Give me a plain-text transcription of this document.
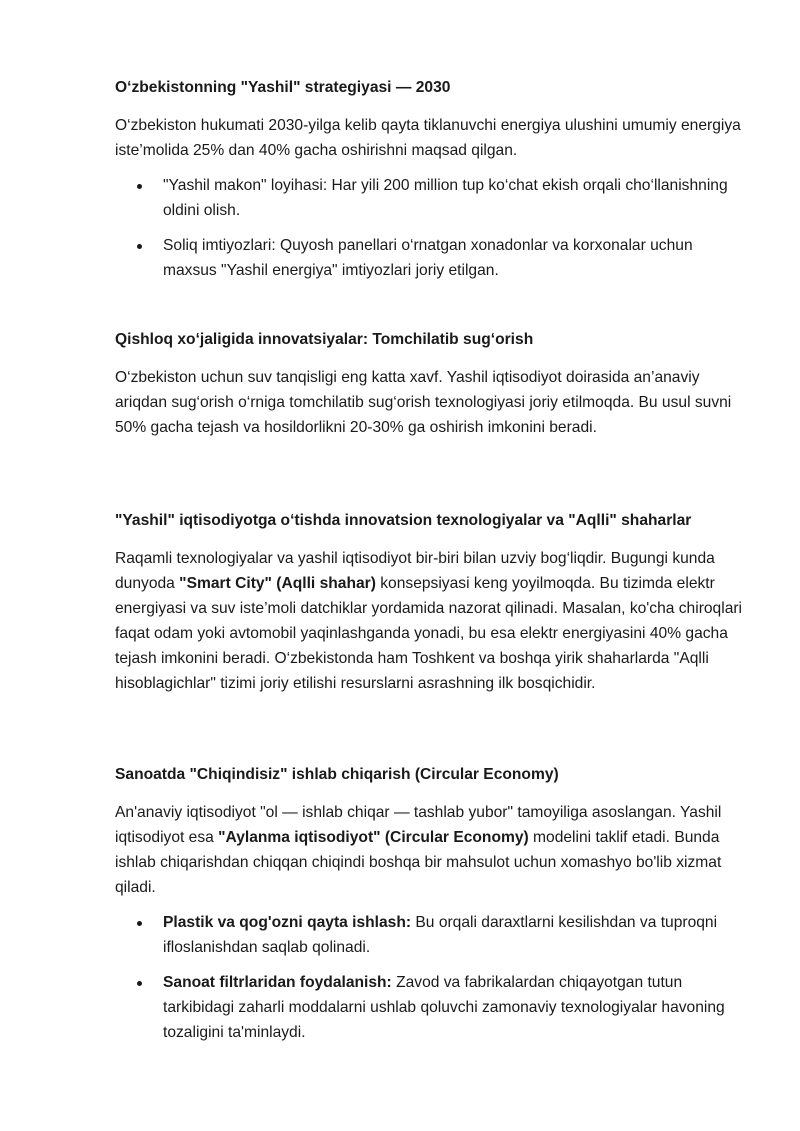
O‘zbekistonning "Yashil" strategiyasi — 2030

O‘zbekiston hukumati 2030-yilga kelib qayta tiklanuvchi energiya ulushini umumiy energiya iste’molida 25% dan 40% gacha oshirishni maqsad qilgan.

"Yashil makon" loyihasi: Har yili 200 million tup ko‘chat ekish orqali cho‘llanishning oldini olish.
Soliq imtiyozlari: Quyosh panellari o‘rnatgan xonadonlar va korxonalar uchun maxsus "Yashil energiya" imtiyozlari joriy etilgan.
Qishloq xo‘jaligida innovatsiyalar: Tomchilatib sug‘orish

O‘zbekiston uchun suv tanqisligi eng katta xavf. Yashil iqtisodiyot doirasida an’anaviy ariqdan sug‘orish o‘rniga tomchilatib sug‘orish texnologiyasi joriy etilmoqda. Bu usul suvni 50% gacha tejash va hosildorlikni 20-30% ga oshirish imkonini beradi.

"Yashil" iqtisodiyotga o‘tishda innovatsion texnologiyalar va "Aqlli" shaharlar

Raqamli texnologiyalar va yashil iqtisodiyot bir-biri bilan uzviy bog‘liqdir. Bugungi kunda dunyoda "Smart City" (Aqlli shahar) konsepsiyasi keng yoyilmoqda. Bu tizimda elektr energiyasi va suv iste’moli datchiklar yordamida nazorat qilinadi. Masalan, ko'cha chiroqlari faqat odam yoki avtomobil yaqinlashganda yonadi, bu esa elektr energiyasini 40% gacha tejash imkonini beradi. O‘zbekistonda ham Toshkent va boshqa yirik shaharlarda "Aqlli hisoblagichlar" tizimi joriy etilishi resurslarni asrashning ilk bosqichidir.

Sanoatda "Chiqindisiz" ishlab chiqarish (Circular Economy)

An'anaviy iqtisodiyot "ol — ishlab chiqar — tashlab yubor" tamoyiliga asoslangan. Yashil iqtisodiyot esa "Aylanma iqtisodiyot" (Circular Economy) modelini taklif etadi. Bunda ishlab chiqarishdan chiqqan chiqindi boshqa bir mahsulot uchun xomashyo bo'lib xizmat qiladi.

Plastik va qog'ozni qayta ishlash: Bu orqali daraxtlarni kesilishdan va tuproqni ifloslanishdan saqlab qolinadi.
Sanoat filtrlaridan foydalanish: Zavod va fabrikalardan chiqayotgan tutun tarkibidagi zaharli moddalarni ushlab qoluvchi zamonaviy texnologiyalar havoning tozaligini ta'minlaydi.
